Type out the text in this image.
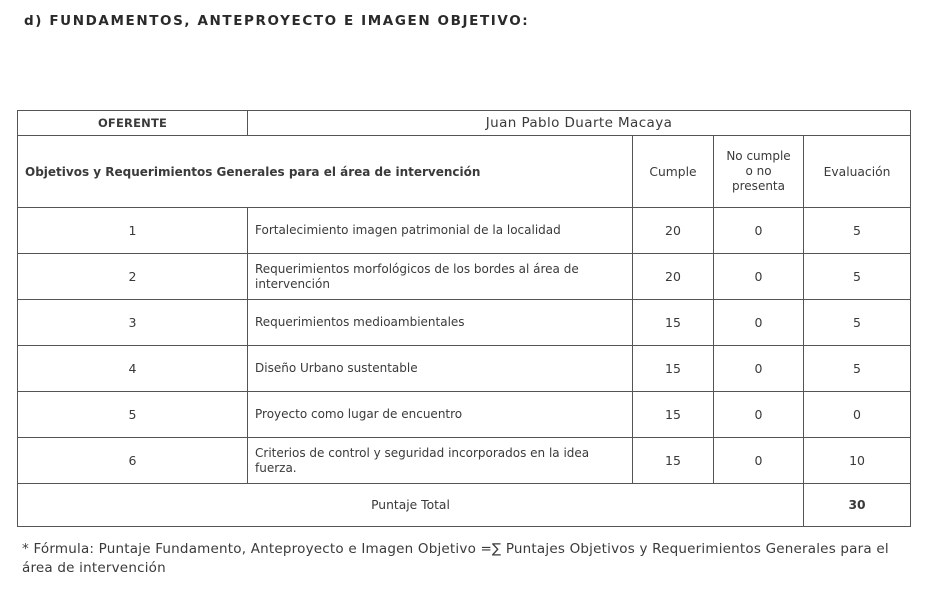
d) FUNDAMENTOS, ANTEPROYECTO E IMAGEN OBJETIVO:
OFERENTE	Juan Pablo Duarte Macaya			
Objetivos y Requerimientos Generales para el área de intervención		Cumple	No cumple o no presenta	Evaluación
1	Fortalecimiento imagen patrimonial de la localidad	20	0	5
2	Requerimientos morfológicos de los bordes al área de intervención	20	0	5
3	Requerimientos medioambientales	15	0	5
4	Diseño Urbano sustentable	15	0	5
5	Proyecto como lugar de encuentro	15	0	0
6	Criterios de control y seguridad incorporados en la idea fuerza.	15	0	10
Puntaje Total				30
* Fórmula: Puntaje Fundamento, Anteproyecto e Imagen Objetivo =∑ Puntajes Objetivos y Requerimientos Generales para el área de intervención
